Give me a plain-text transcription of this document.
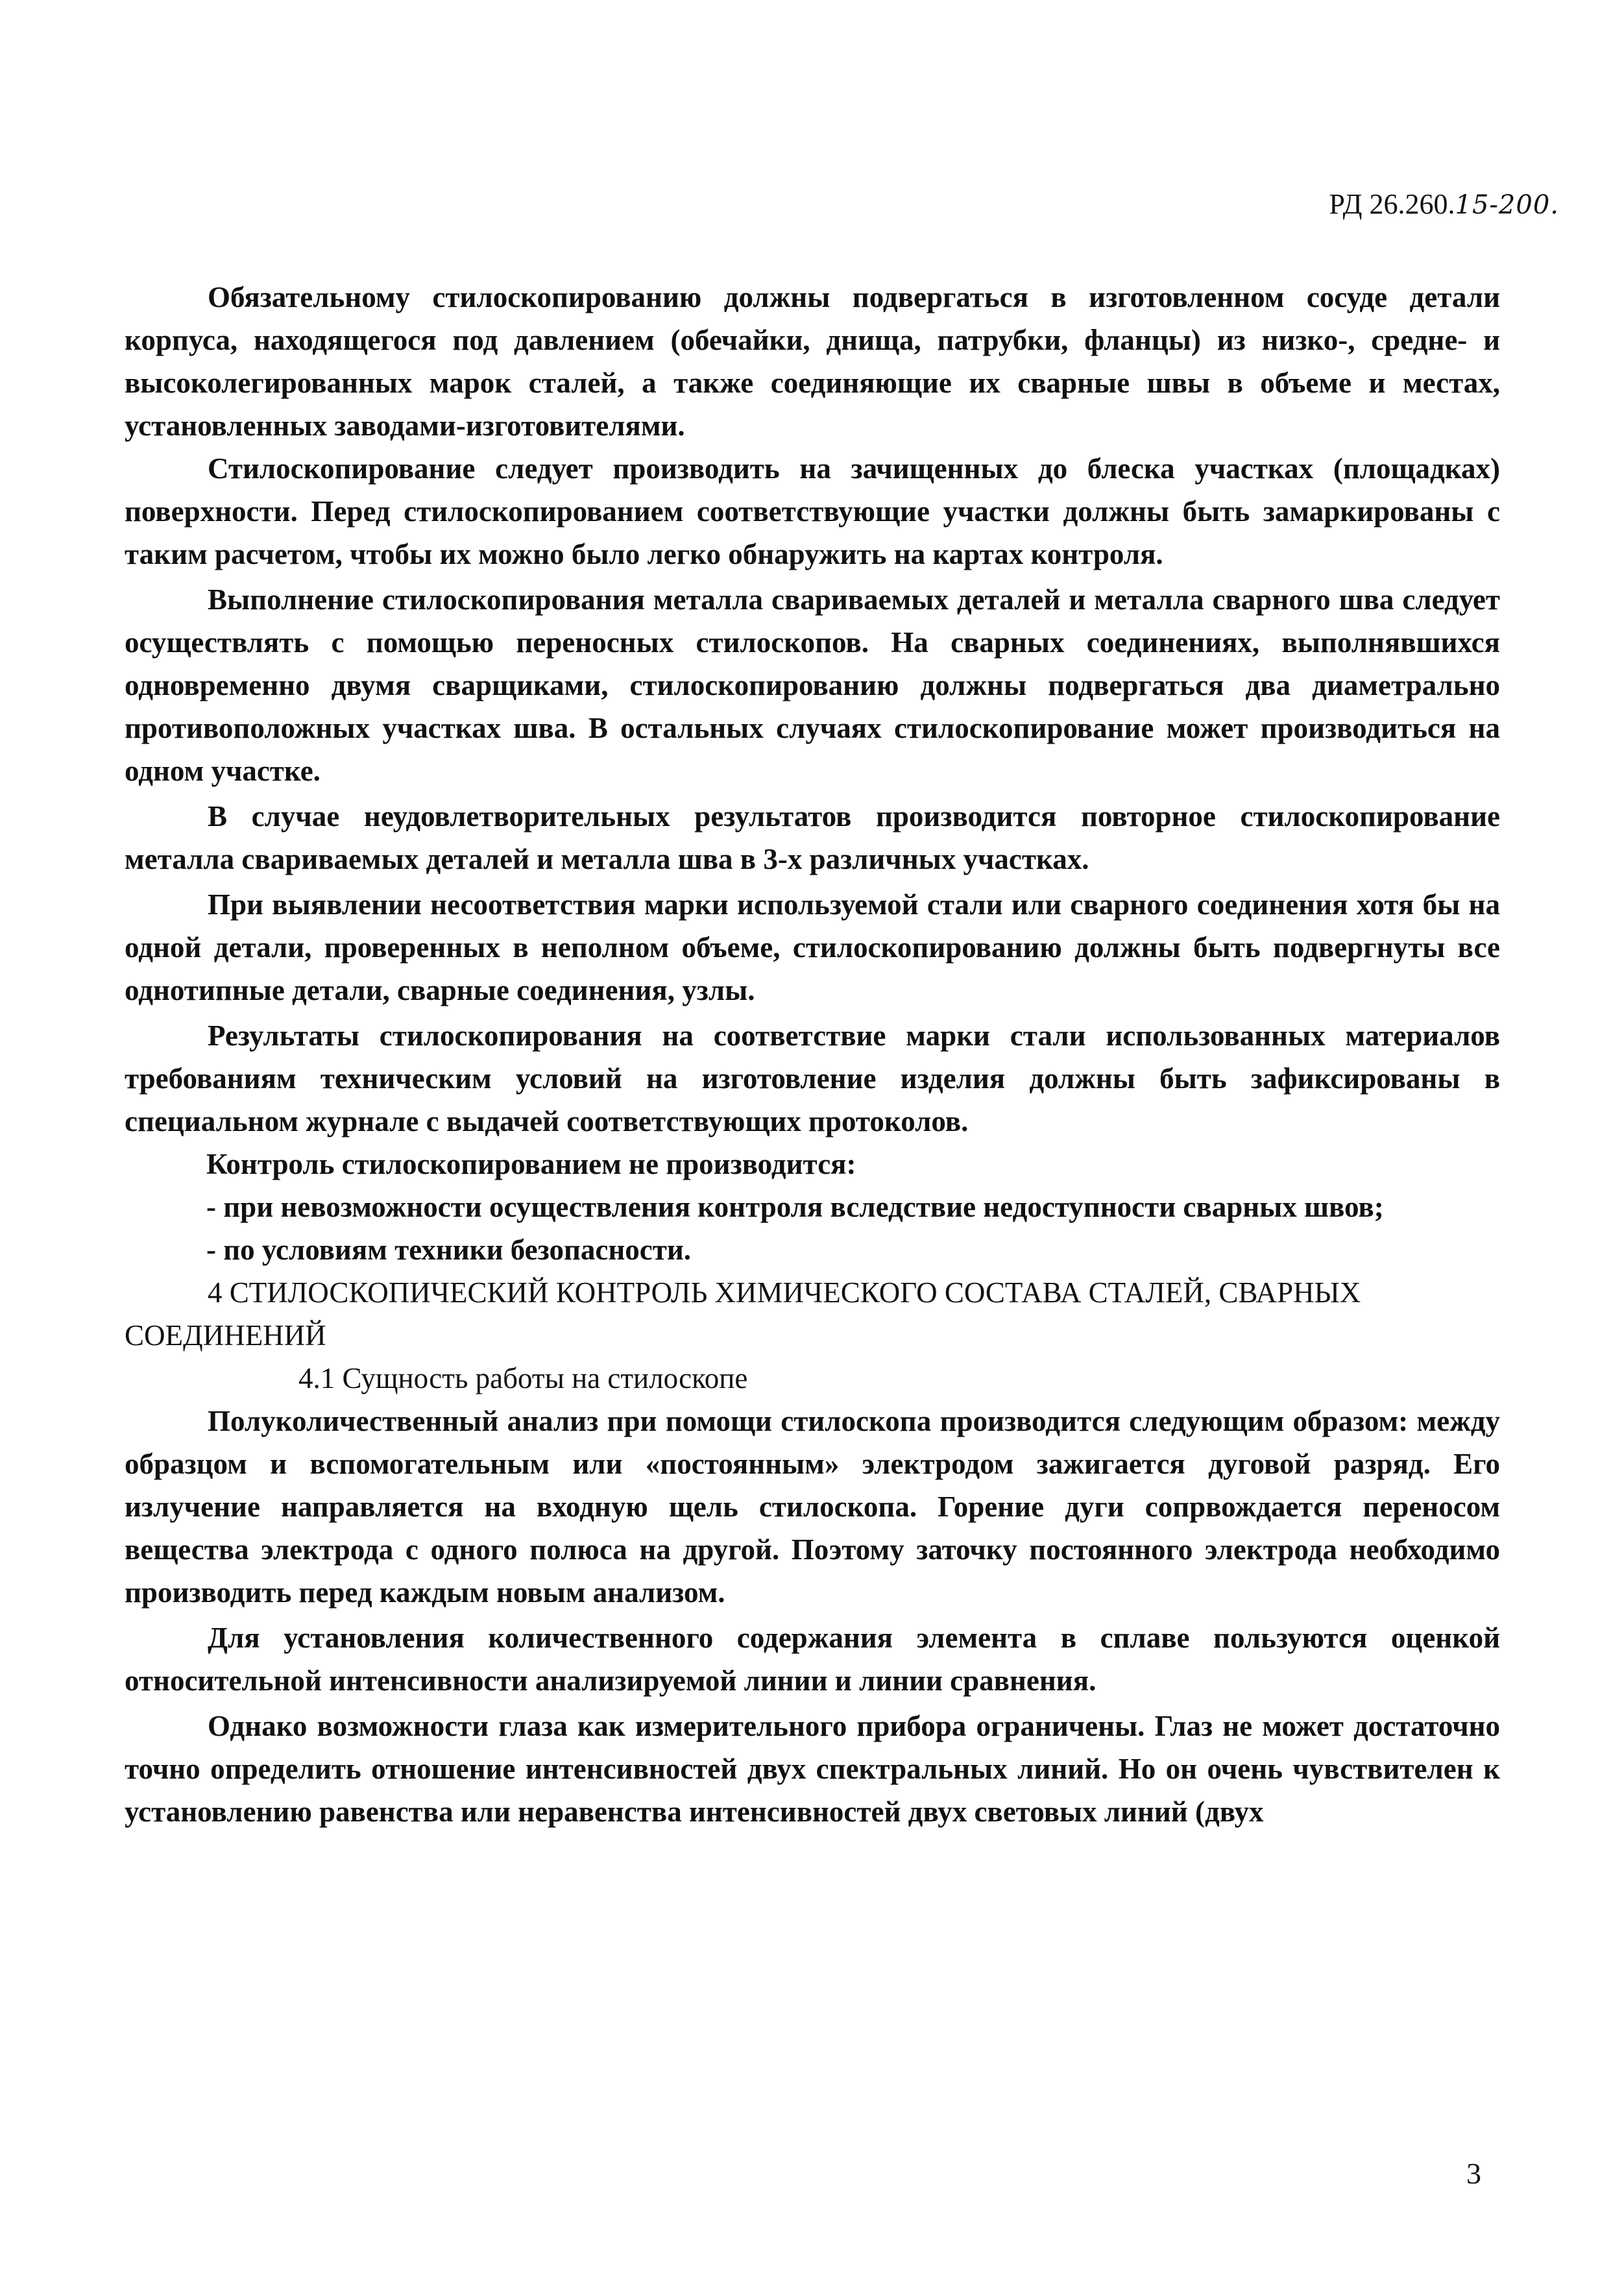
РД 26.260.15-200.

Обязательному стилоскопированию должны подвергаться в изготовленном сосуде детали корпуса, находящегося под давлением (обечайки, днища, патрубки, фланцы) из низко-, средне- и высоколегированных марок сталей, а также соединяющие их сварные швы в объеме и местах, установленных заводами-изготовителями.

Стилоскопирование следует производить на зачищенных до блеска участках (площадках) поверхности. Перед стилоскопированием соответствующие участки должны быть замаркированы с таким расчетом, чтобы их можно было легко обнаружить на картах контроля.

Выполнение стилоскопирования металла свариваемых деталей и металла сварного шва следует осуществлять с помощью переносных стилоскопов. На сварных соединениях, выполнявшихся одновременно двумя сварщиками, стилоскопированию должны подвергаться два диаметрально противоположных участках шва. В остальных случаях стилоскопирование может производиться на одном участке.

В случае неудовлетворительных результатов производится повторное стилоскопирование металла свариваемых деталей и металла шва в 3-х различных участках.

При выявлении несоответствия марки используемой стали или сварного соединения хотя бы на одной детали, проверенных в неполном объеме, стилоскопированию должны быть подвергнуты все однотипные детали, сварные соединения, узлы.

Результаты стилоскопирования на соответствие марки стали использованных материалов требованиям техническим условий на изготовление изделия должны быть зафиксированы в специальном журнале с выдачей соответствующих протоколов.

Контроль стилоскопированием не производится:

- при невозможности осуществления контроля вследствие недоступности сварных швов;

- по условиям техники безопасности.

4 СТИЛОСКОПИЧЕСКИЙ КОНТРОЛЬ ХИМИЧЕСКОГО СОСТАВА СТАЛЕЙ, СВАРНЫХ СОЕДИНЕНИЙ

4.1 Сущность работы на стилоскопе

Полуколичественный анализ при помощи стилоскопа производится следующим образом: между образцом и вспомогательным или «постоянным» электродом зажигается дуговой разряд. Его излучение направляется на входную щель стилоскопа. Горение дуги сопрвождается переносом вещества электрода с одного полюса на другой. Поэтому заточку постоянного электрода необходимо производить перед каждым новым анализом.

Для установления количественного содержания элемента в сплаве пользуются оценкой относительной интенсивности анализируемой линии и линии сравнения.

Однако возможности глаза как измерительного прибора ограничены. Глаз не может достаточно точно определить отношение интенсивностей двух спектральных линий. Но он очень чувствителен к установлению равенства или неравенства интенсивностей двух световых линий (двух

3
